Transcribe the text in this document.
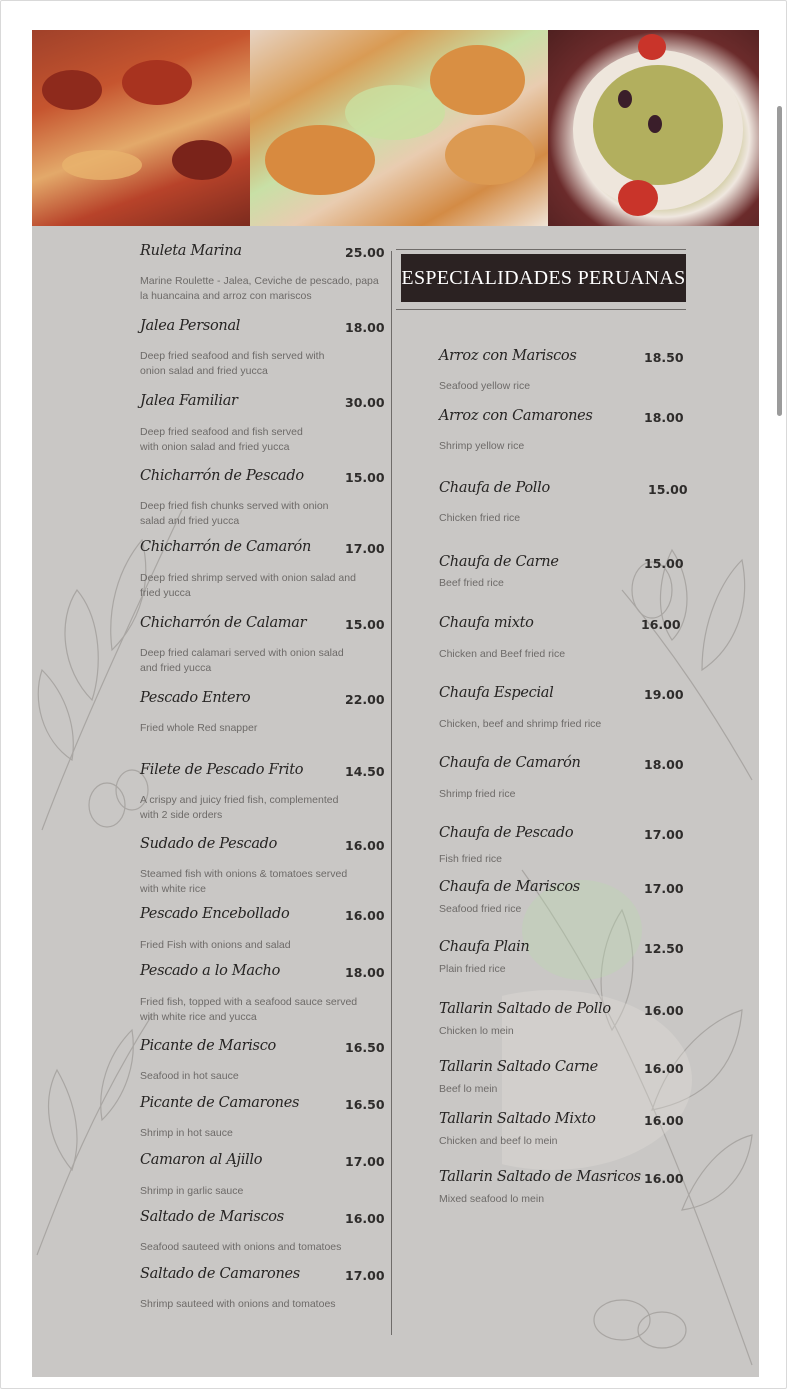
ESPECIALIDADES PERUANAS
Ruleta Marina	25.00
Marine Roulette - Jalea, Ceviche de pescado, papa
la huancaina and arroz con mariscos
Jalea Personal	18.00
Deep fried seafood and fish served with
onion salad and fried yucca
Jalea Familiar	30.00
Deep fried seafood and fish served
with onion salad and fried yucca
Chicharrón de Pescado	15.00
Deep fried fish chunks served with onion
salad and fried yucca
Chicharrón de Camarón	17.00
Deep fried shrimp served with onion salad and
fried yucca
Chicharrón de Calamar	15.00
Deep fried calamari served with onion salad
and fried yucca
Pescado Entero	22.00
Fried whole Red snapper
Filete de Pescado Frito	14.50
A crispy and juicy fried fish, complemented
with 2 side orders
Sudado de Pescado	16.00
Steamed fish with onions & tomatoes served
with white rice
Pescado Encebollado	16.00
Fried Fish with onions and salad
Pescado a lo Macho	18.00
Fried fish, topped with a seafood sauce served
with white rice and yucca
Picante de Marisco	16.50
Seafood in hot sauce
Picante de Camarones	16.50
Shrimp in hot sauce
Camaron al Ajillo	17.00
Shrimp in garlic sauce
Saltado de Mariscos	16.00
Seafood sauteed with onions and tomatoes
Saltado de Camarones	17.00
Shrimp sauteed with onions and tomatoes
Arroz con Mariscos	18.50
Seafood yellow rice
Arroz con Camarones	18.00
Shrimp yellow rice
Chaufa de Pollo	15.00
Chicken fried rice
Chaufa de Carne	15.00
Beef fried rice
Chaufa mixto	16.00
Chicken and Beef fried rice
Chaufa Especial	19.00
Chicken, beef and shrimp fried rice
Chaufa de Camarón	18.00
Shrimp fried rice
Chaufa de Pescado	17.00
Fish fried rice
Chaufa de Mariscos	17.00
Seafood fried rice
Chaufa Plain	12.50
Plain fried rice
Tallarin Saltado de Pollo	16.00
Chicken lo mein
Tallarin Saltado Carne	16.00
Beef lo mein
Tallarin Saltado Mixto	16.00
Chicken and beef lo mein
Tallarin Saltado de Masricos 16.00
Mixed seafood lo mein
